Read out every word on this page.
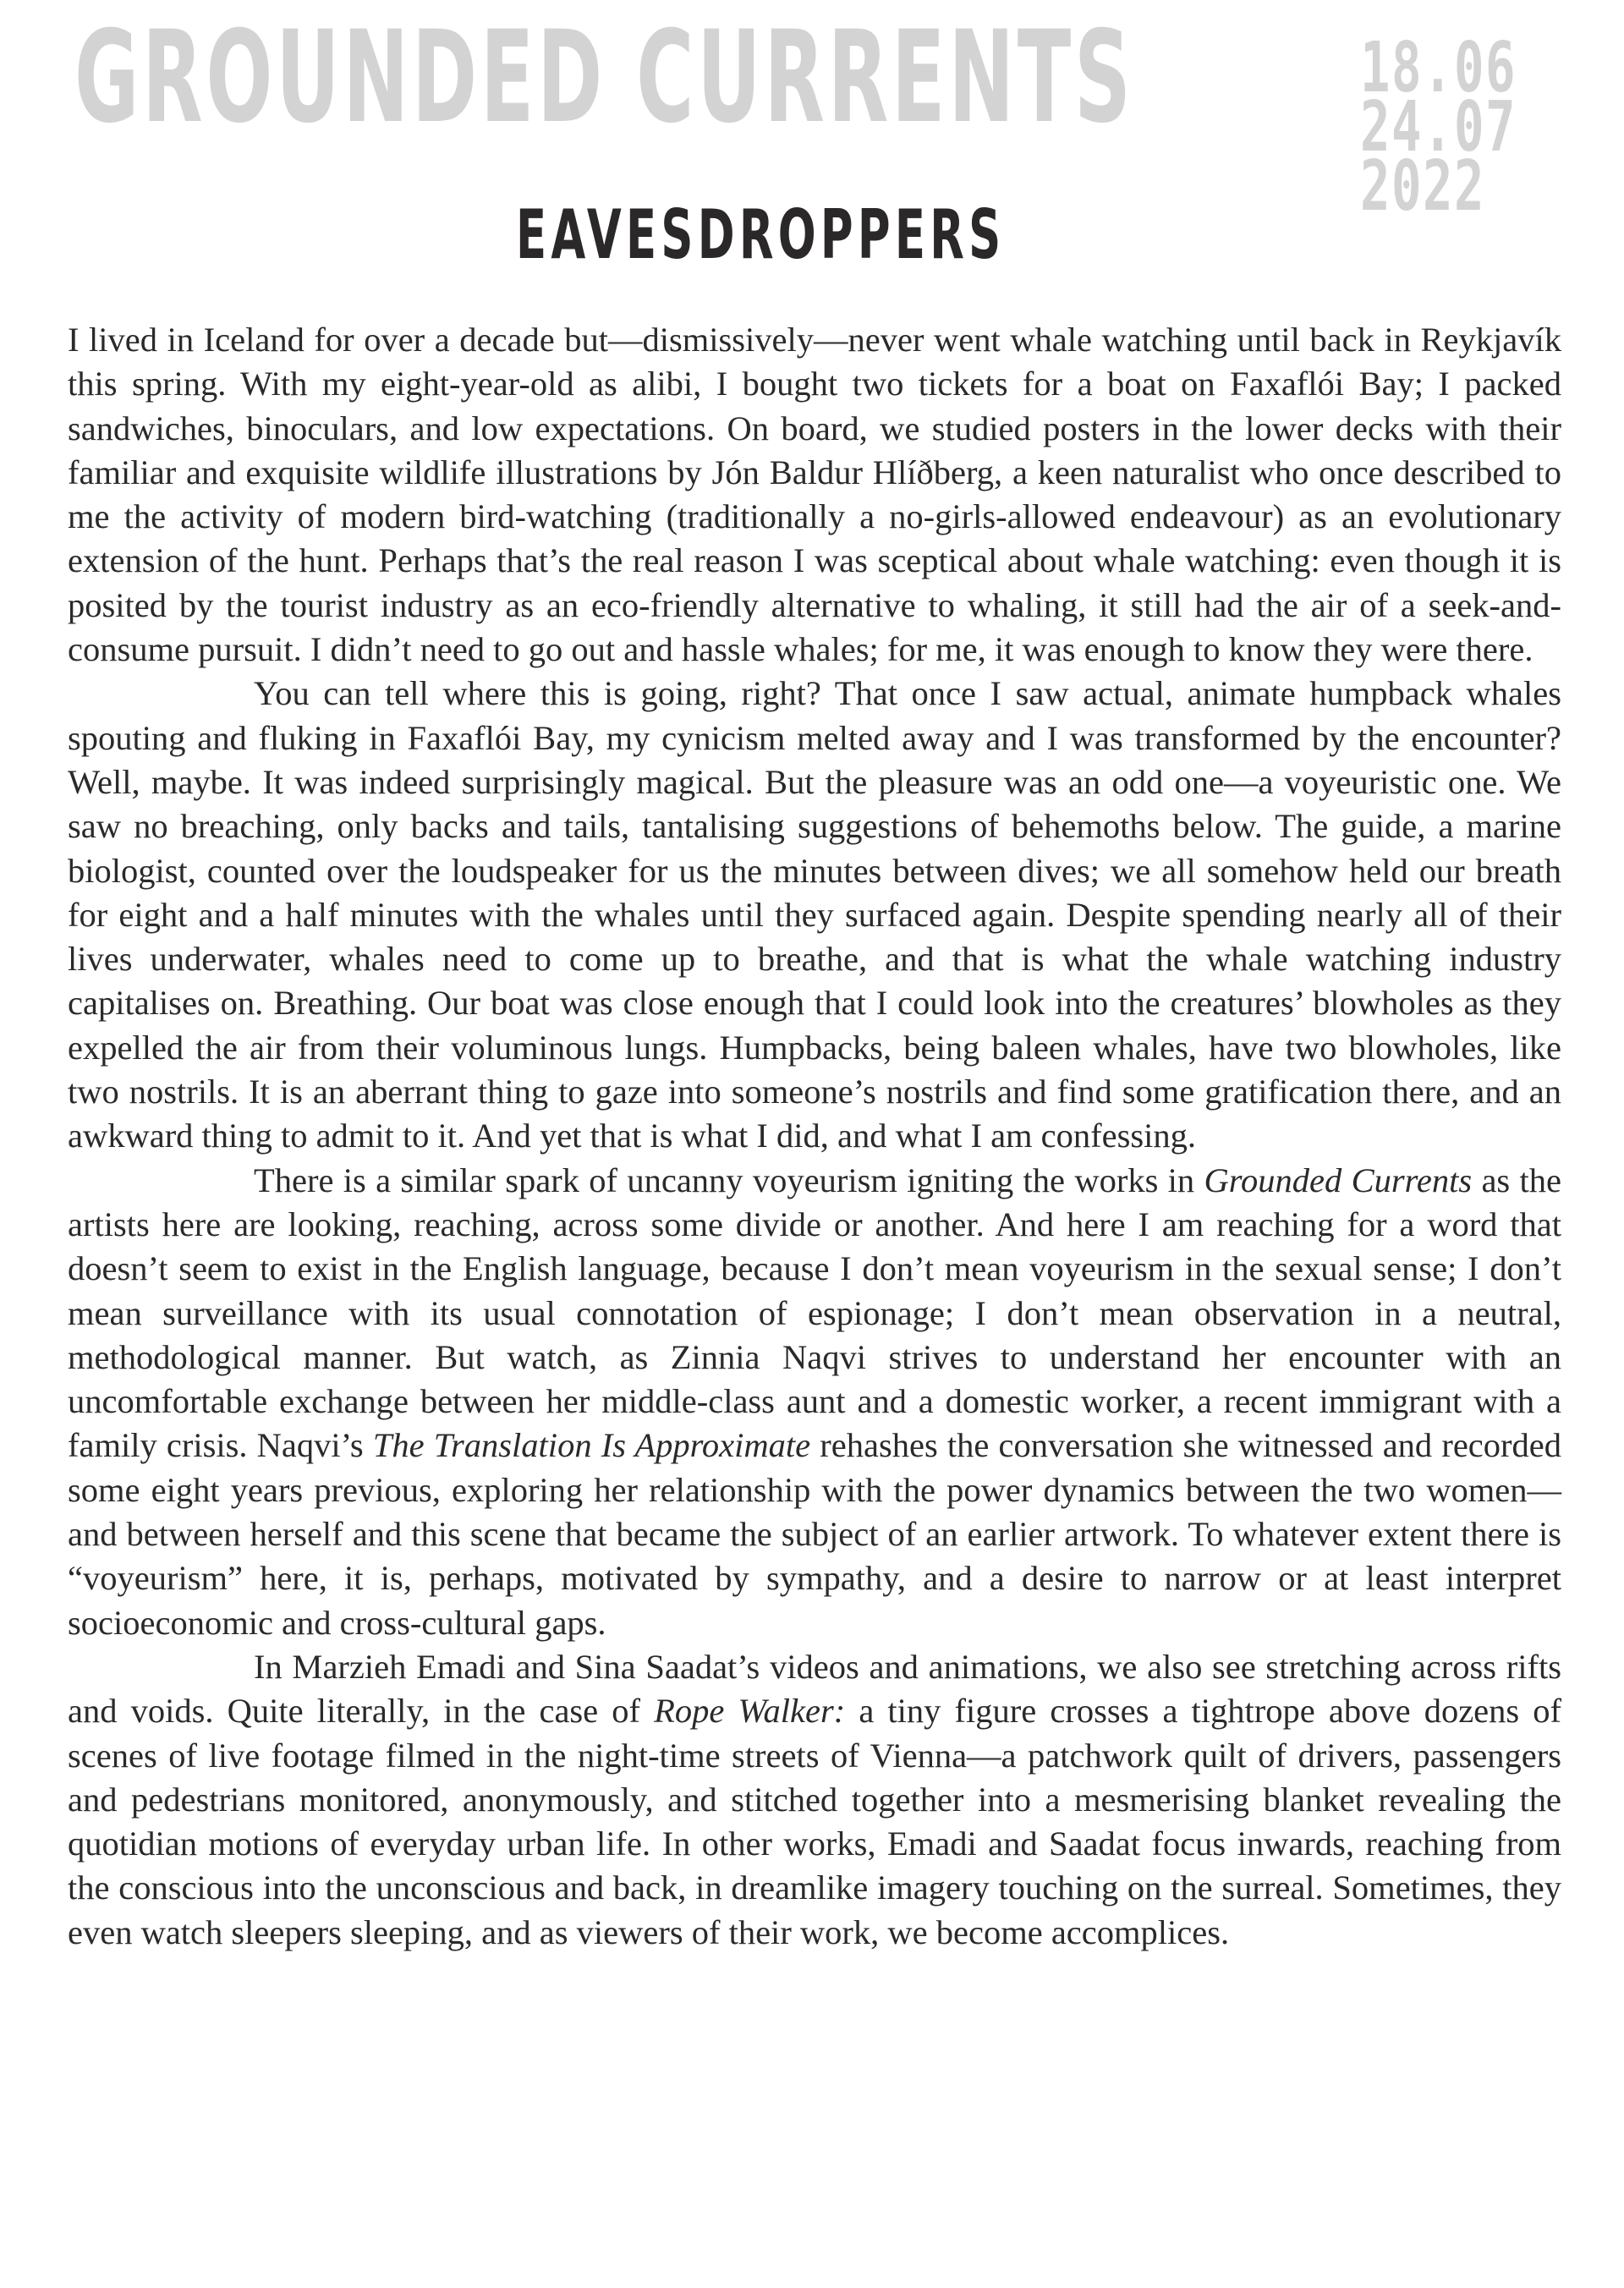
GROUNDED CURRENTS	18.06
24.07
2022
EAVESDROPPERS

I lived in Iceland for over a decade but—dismissively—never went whale watching until back in Reykjavík this spring. With my eight-year-old as alibi, I bought two tickets for a boat on Faxaflói Bay; I packed sandwiches, binoculars, and low expectations. On board, we studied posters in the lower decks with their familiar and exquisite wildlife illustrations by Jón Baldur Hlíðberg, a keen naturalist who once described to me the activity of modern bird-watching (traditionally a no-girls-allowed endeavour) as an evolutionary extension of the hunt. Perhaps that’s the real reason I was sceptical about whale watching: even though it is posited by the tourist industry as an eco-friendly alternative to whaling, it still had the air of a seek-and-consume pursuit. I didn’t need to go out and hassle whales; for me, it was enough to know they were there.

You can tell where this is going, right? That once I saw actual, animate humpback whales spouting and fluking in Faxaflói Bay, my cynicism melted away and I was transformed by the encounter? Well, maybe. It was indeed surprisingly magical. But the pleasure was an odd one—a voyeuristic one. We saw no breaching, only backs and tails, tantalising suggestions of behemoths below. The guide, a marine biologist, counted over the loudspeaker for us the minutes between dives; we all somehow held our breath for eight and a half minutes with the whales until they surfaced again. Despite spending nearly all of their lives underwater, whales need to come up to breathe, and that is what the whale watching industry capitalises on. Breathing. Our boat was close enough that I could look into the creatures’ blowholes as they expelled the air from their voluminous lungs. Humpbacks, being baleen whales, have two blowholes, like two nostrils. It is an aberrant thing to gaze into someone’s nostrils and find some gratification there, and an awkward thing to admit to it. And yet that is what I did, and what I am confessing.

There is a similar spark of uncanny voyeurism igniting the works in Grounded Currents as the artists here are looking, reaching, across some divide or another. And here I am reaching for a word that doesn’t seem to exist in the English language, because I don’t mean voyeurism in the sexual sense; I don’t mean surveillance with its usual connotation of espionage; I don’t mean observation in a neutral, methodological manner. But watch, as Zinnia Naqvi strives to understand her encounter with an uncomfortable exchange between her middle-class aunt and a domestic worker, a recent immigrant with a family crisis. Naqvi’s The Translation Is Approximate rehashes the conversation she witnessed and recorded some eight years previous, exploring her relationship with the power dynamics between the two women—and between herself and this scene that became the subject of an earlier artwork. To whatever extent there is “voyeurism” here, it is, perhaps, motivated by sympathy, and a desire to narrow or at least interpret socioeconomic and cross-cultural gaps.

In Marzieh Emadi and Sina Saadat’s videos and animations, we also see stretching across rifts and voids. Quite literally, in the case of Rope Walker: a tiny figure crosses a tightrope above dozens of scenes of live footage filmed in the night-time streets of Vienna—a patchwork quilt of drivers, passengers and pedestrians monitored, anonymously, and stitched together into a mesmerising blanket revealing the quotidian motions of everyday urban life. In other works, Emadi and Saadat focus inwards, reaching from the conscious into the unconscious and back, in dreamlike imagery touching on the surreal. Sometimes, they even watch sleepers sleeping, and as viewers of their work, we become accomplices.
